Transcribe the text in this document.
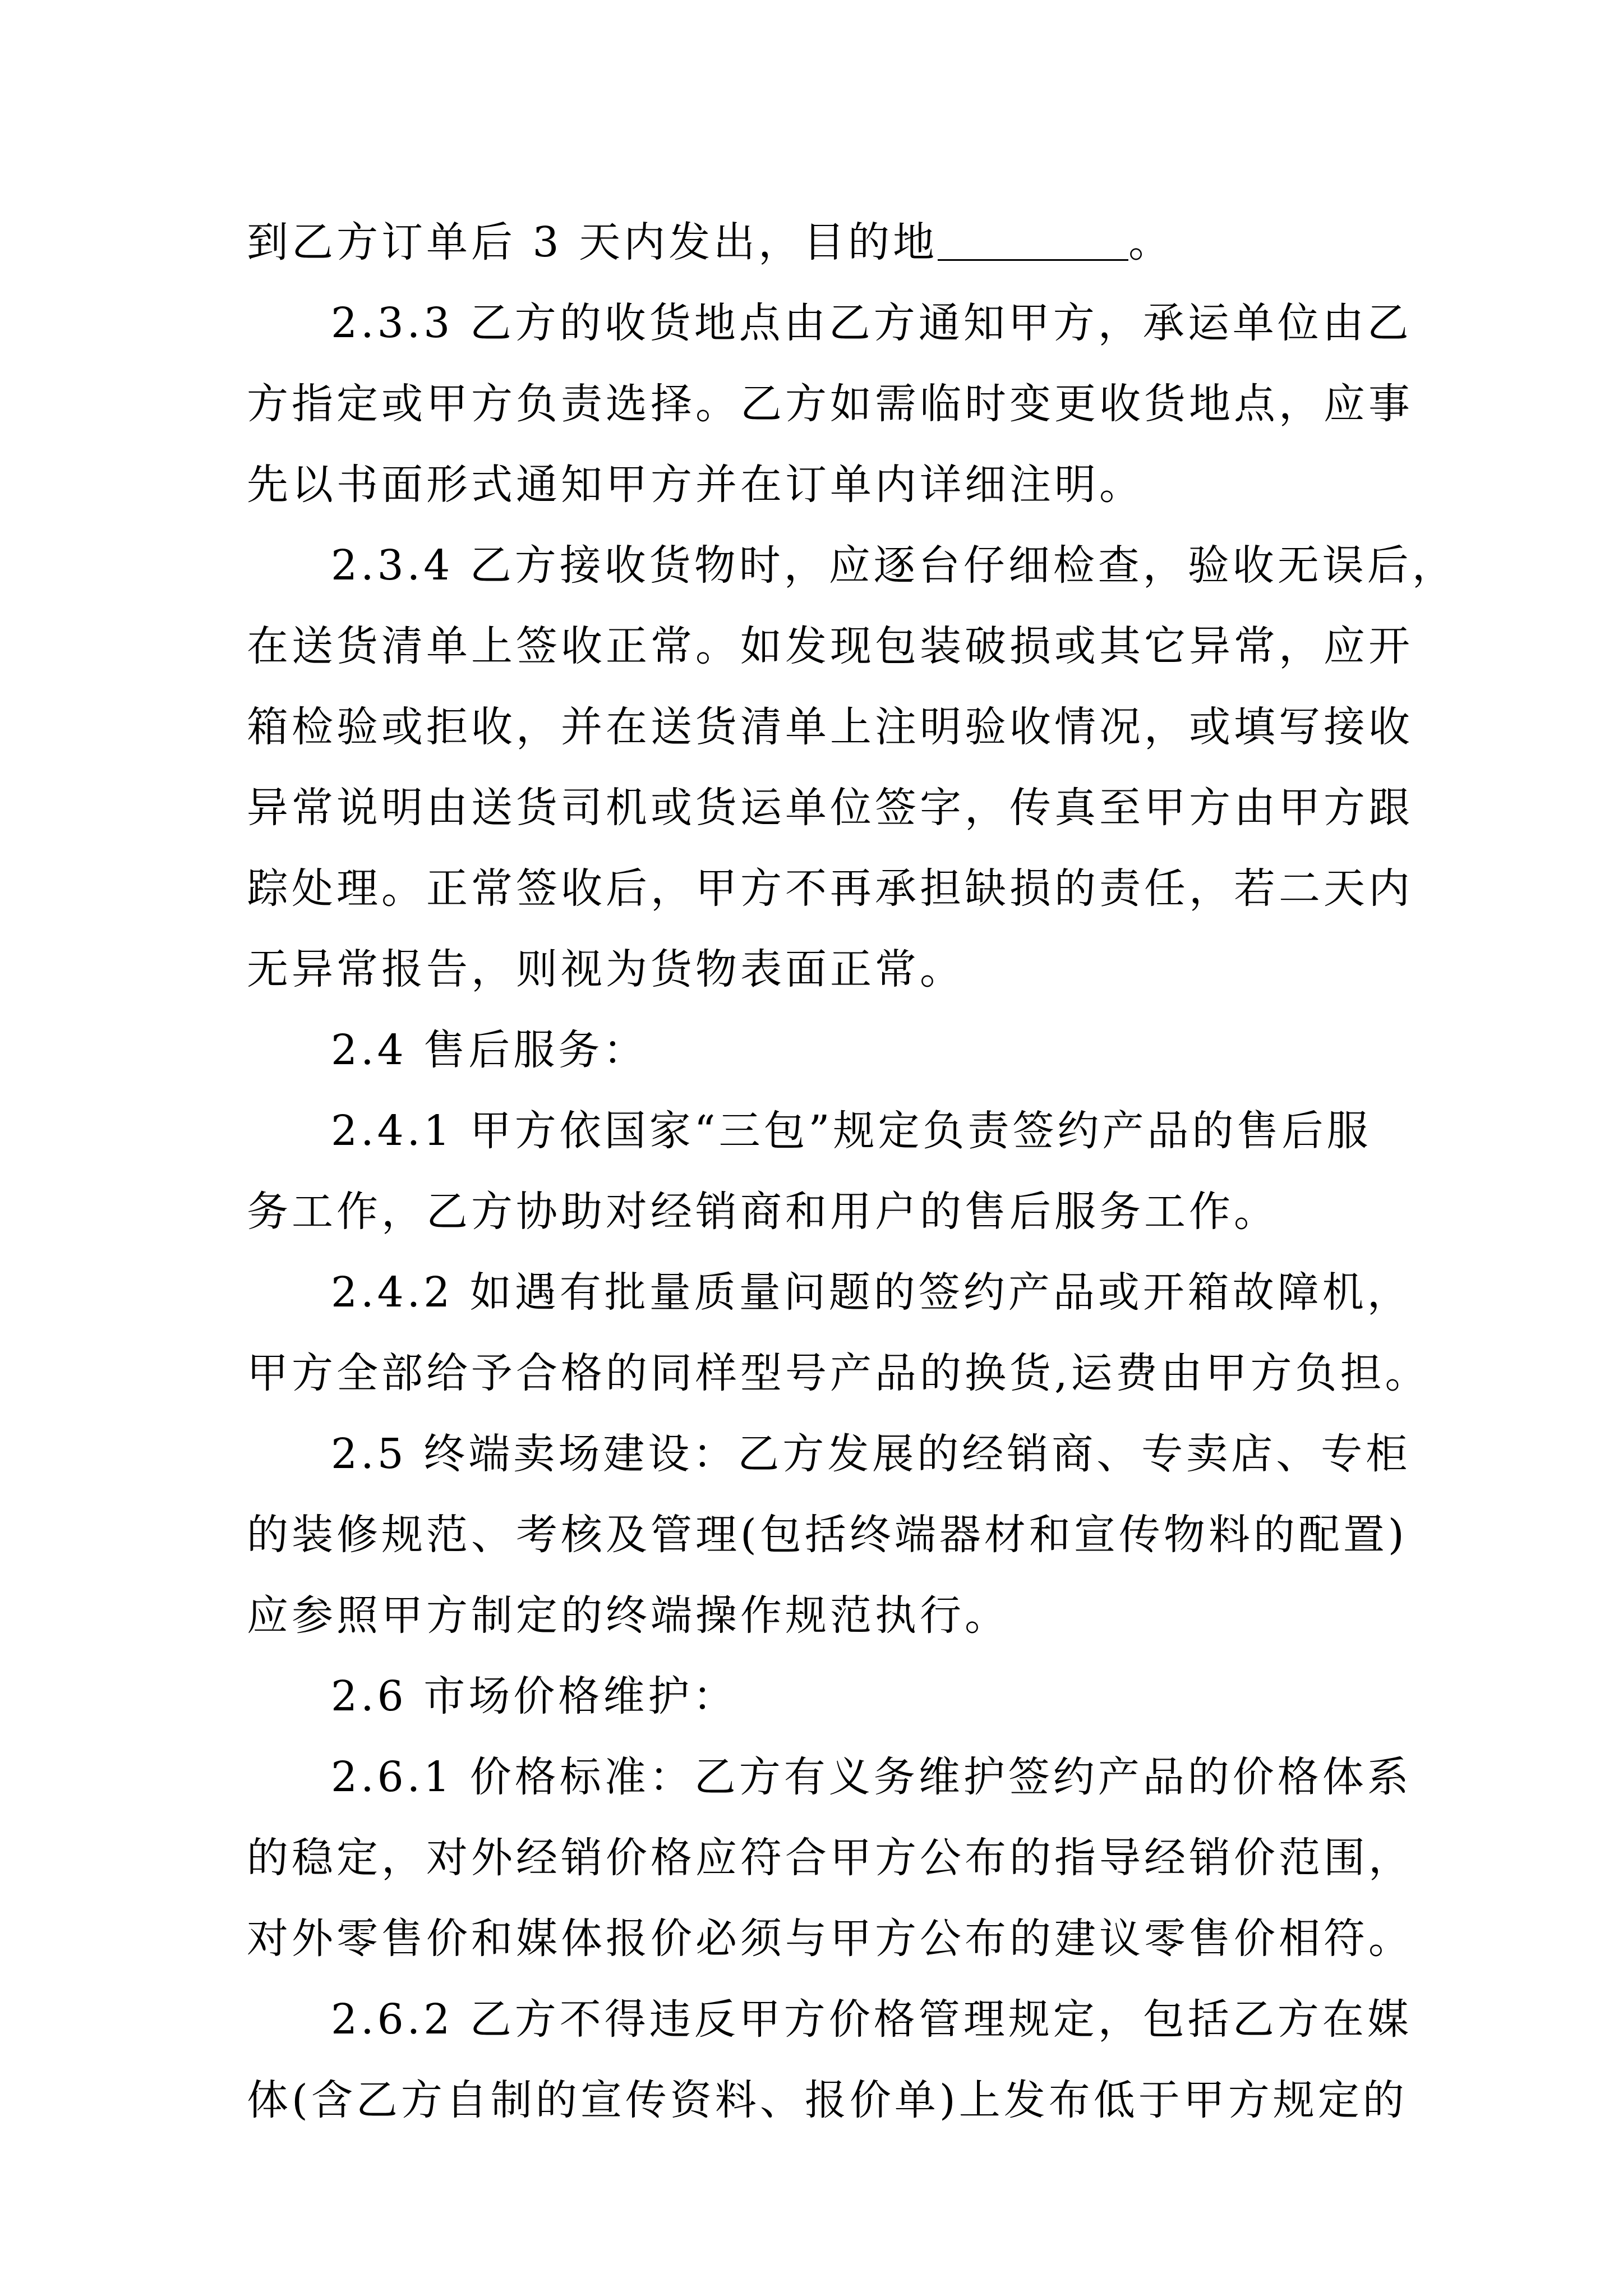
到乙方订单后 3 天内发出，目的地	。
2.3.3 乙方的收货地点由乙方通知甲方，承运单位由乙
方指定或甲方负责选择。乙方如需临时变更收货地点，应事
先以书面形式通知甲方并在订单内详细注明。
2.3.4 乙方接收货物时，应逐台仔细检查，验收无误后，
在送货清单上签收正常。如发现包装破损或其它异常，应开
箱检验或拒收，并在送货清单上注明验收情况，或填写接收
异常说明由送货司机或货运单位签字，传真至甲方由甲方跟
踪处理。正常签收后，甲方不再承担缺损的责任，若二天内
无异常报告，则视为货物表面正常。
2.4 售后服务：
2.4.1 甲方依国家“三包”规定负责签约产品的售后服
务工作，乙方协助对经销商和用户的售后服务工作。
2.4.2 如遇有批量质量问题的签约产品或开箱故障机，
甲方全部给予合格的同样型号产品的换货,运费由甲方负担。
2.5 终端卖场建设：乙方发展的经销商、专卖店、专柜
的装修规范、考核及管理(包括终端器材和宣传物料的配置)
应参照甲方制定的终端操作规范执行。
2.6 市场价格维护：
2.6.1 价格标准：乙方有义务维护签约产品的价格体系
的稳定，对外经销价格应符合甲方公布的指导经销价范围，
对外零售价和媒体报价必须与甲方公布的建议零售价相符。
2.6.2 乙方不得违反甲方价格管理规定，包括乙方在媒
体(含乙方自制的宣传资料、报价单)上发布低于甲方规定的
